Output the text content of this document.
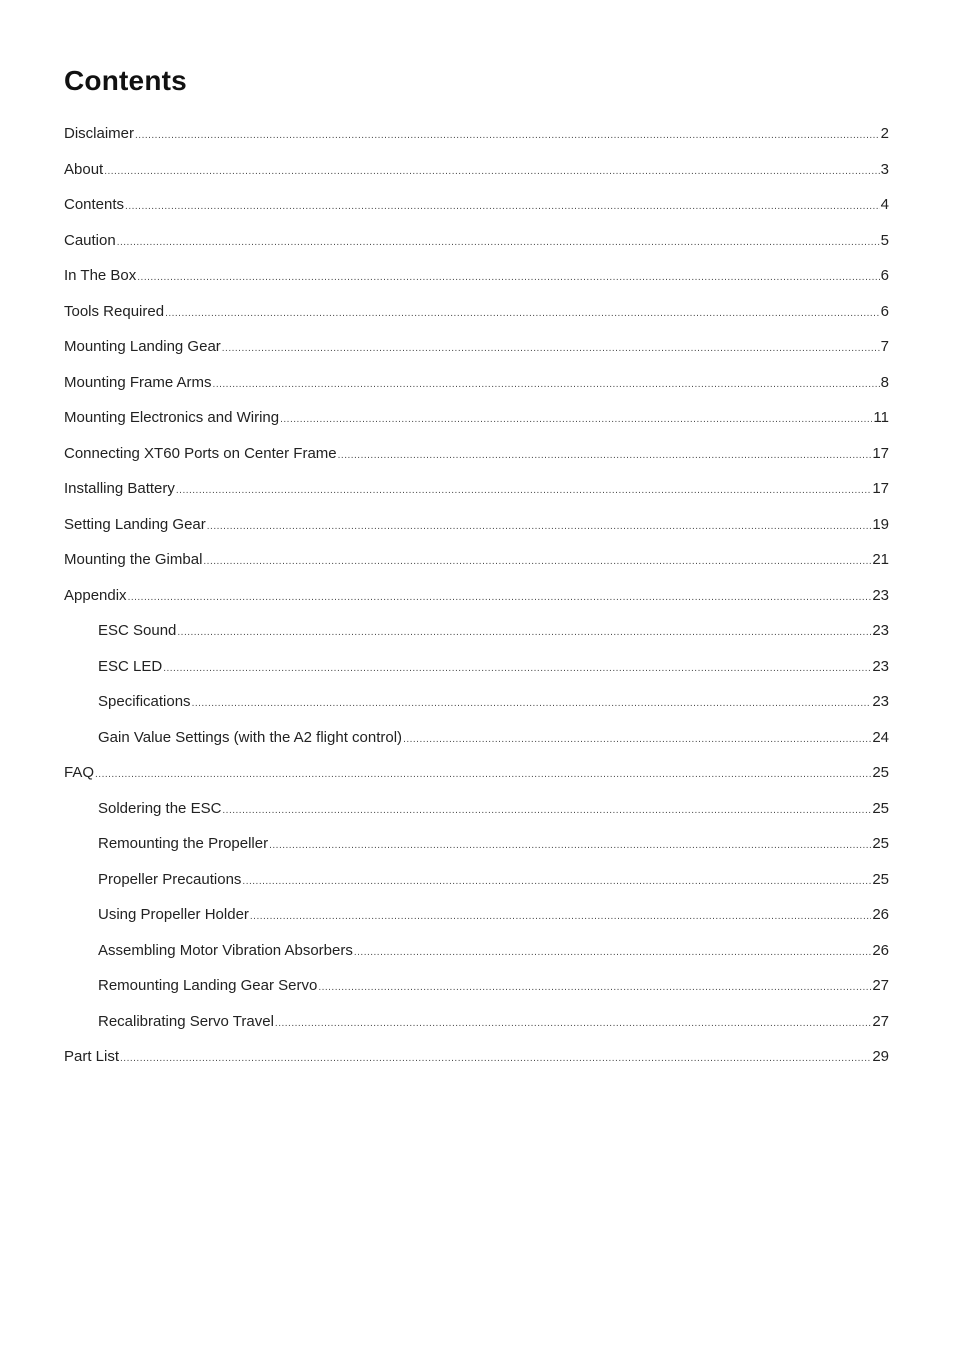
Contents
Disclaimer .....	2
About .....	3
Contents .....	4
Caution .....	5
In The Box .....	6
Tools Required .....	6
Mounting Landing Gear .....	7
Mounting Frame Arms .....	8
Mounting Electronics and Wiring .....	11
Connecting XT60 Ports on Center Frame .....	17
Installing Battery .....	17
Setting Landing Gear .....	19
Mounting the Gimbal .....	21
Appendix .....	23
ESC Sound .....	23
ESC LED .....	23
Specifications .....	23
Gain Value Settings (with the A2 flight control) .....	24
FAQ .....	25
Soldering the ESC .....	25
Remounting the Propeller .....	25
Propeller Precautions .....	25
Using Propeller Holder .....	26
Assembling Motor Vibration Absorbers .....	26
Remounting Landing Gear Servo .....	27
Recalibrating Servo Travel .....	27
Part List .....	29
